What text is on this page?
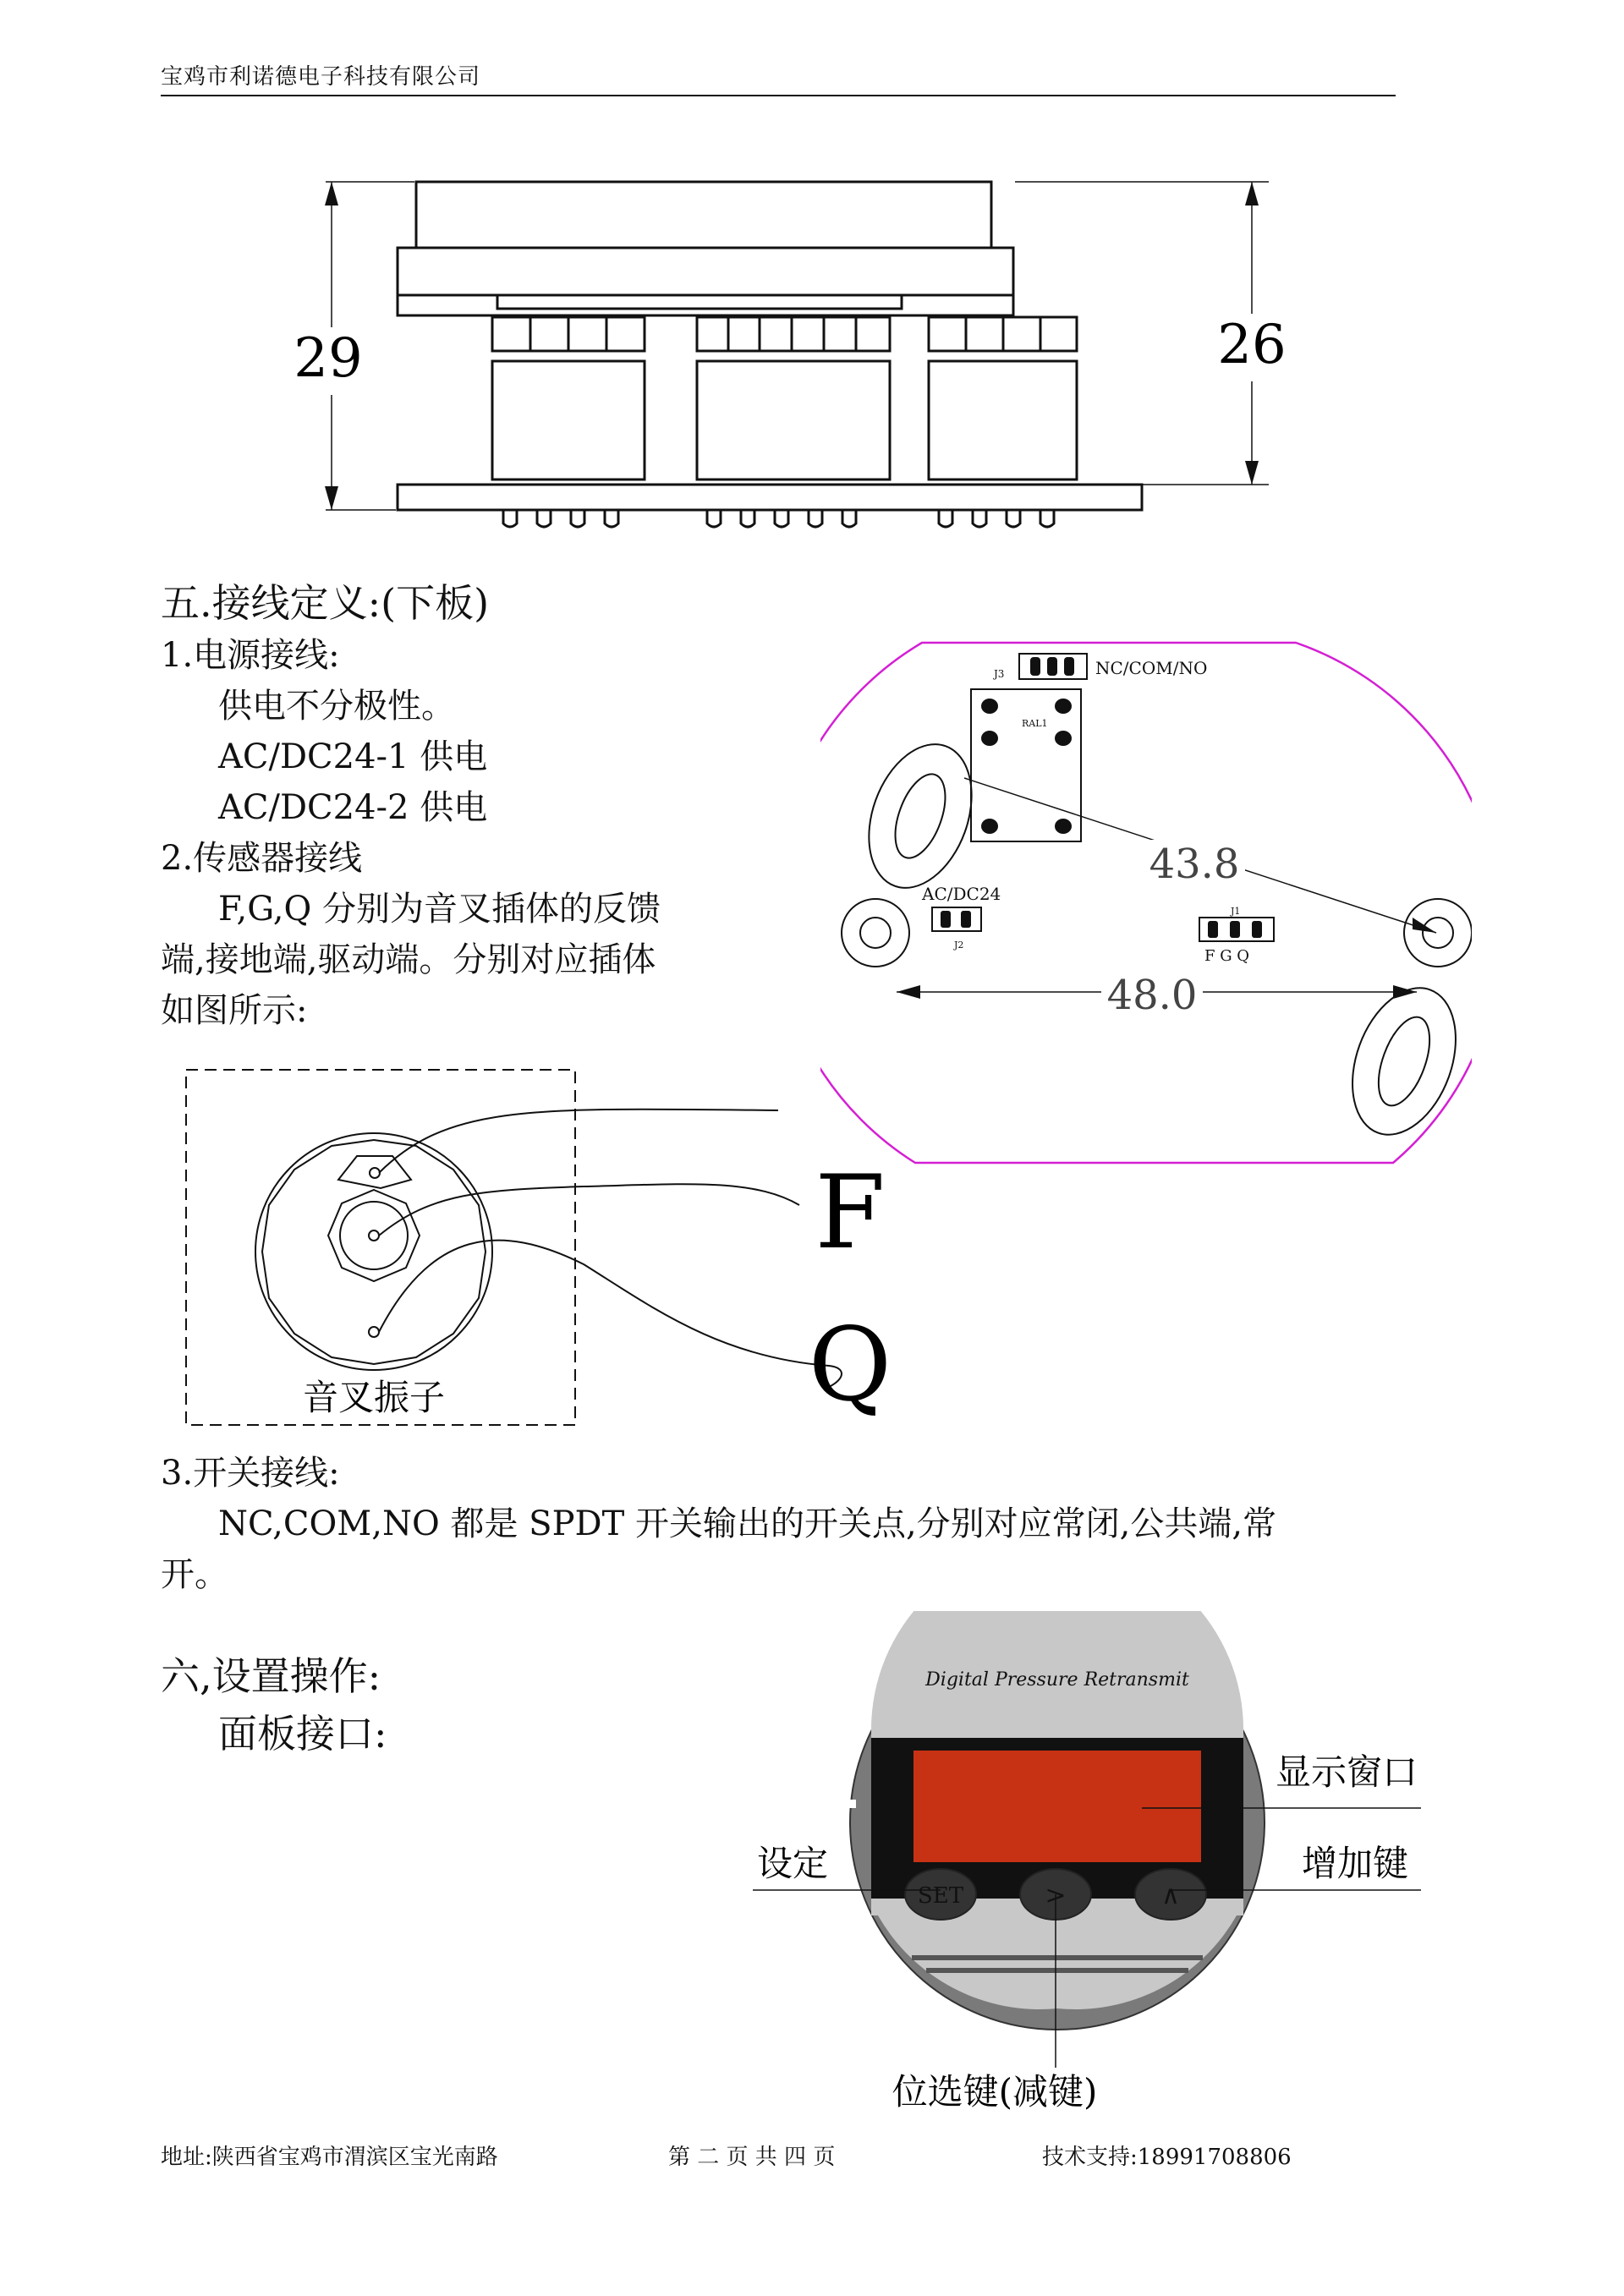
宝鸡市利诺德电子科技有限公司
29	26
五.接线定义:(下板)
1.电源接线:
供电不分极性。
AC/DC24-1 供电
AC/DC24-2 供电
2.传感器接线
F,G,Q 分别为音叉插体的反馈
端,接地端,驱动端。分别对应插体
如图所示:
NC/COM/NO
J3
RAL1
AC/DC24
J2
J1
F G Q
43.8
48.0
音叉振子
F
Q
3.开关接线:
NC,COM,NO 都是 SPDT 开关输出的开关点,分别对应常闭,公共端,常
开。
六,设置操作:
面板接口:
Digital Pressure Retransmit
SET	>	∧
显示窗口
设定	增加键
位选键(减键)
地址:陕西省宝鸡市渭滨区宝光南路	第 二 页 共 四 页	技术支持:18991708806
